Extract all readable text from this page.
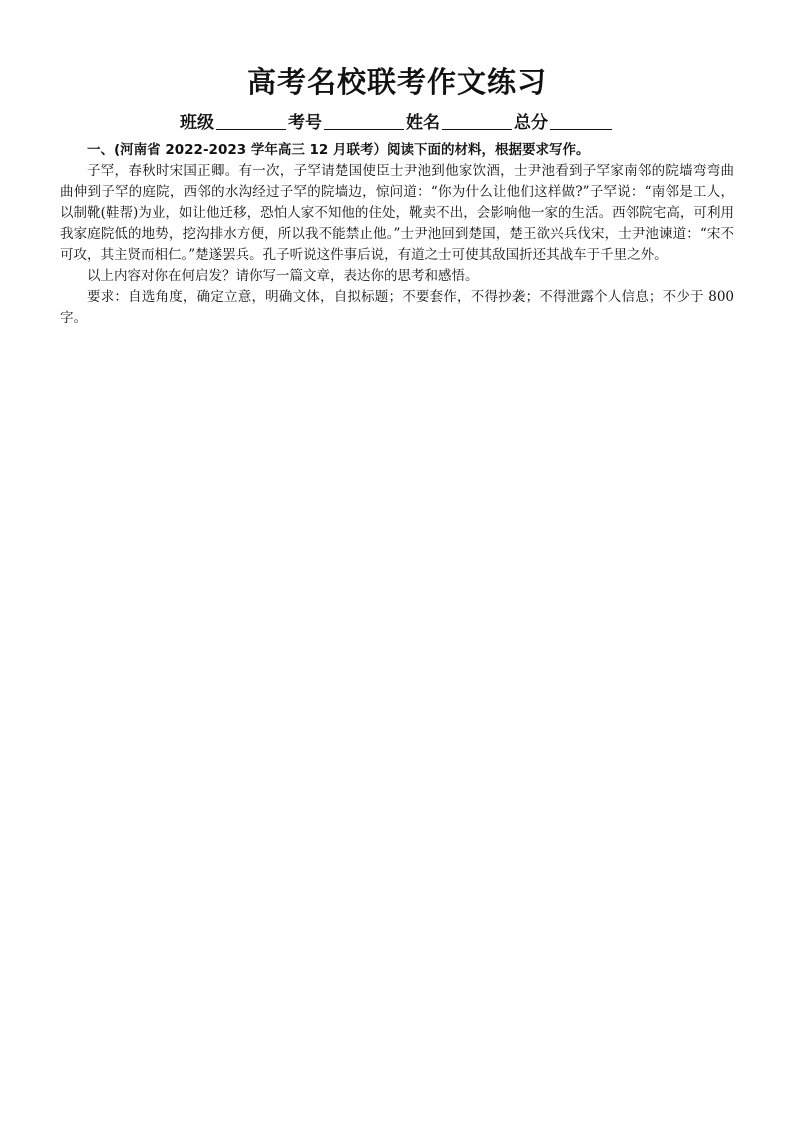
高考名校联考作文练习
班级	考号	姓名	总分

一、(河南省 2022-2023 学年高三 12 月联考）阅读下面的材料，根据要求写作。

子罕，春秋时宋国正卿。有一次，子罕请楚国使臣士尹池到他家饮酒，士尹池看到子罕家南邻的院墙弯弯曲曲伸到子罕的庭院，西邻的水沟经过子罕的院墙边，惊问道：“你为什么让他们这样做?”子罕说：“南邻是工人，以制靴(鞋帮)为业，如让他迁移，恐怕人家不知他的住处，靴卖不出，会影响他一家的生活。西邻院宅高，可利用我家庭院低的地势，挖沟排水方便，所以我不能禁止他。”士尹池回到楚国，楚王欲兴兵伐宋，士尹池谏道：“宋不可攻，其主贤而相仁。”楚遂罢兵。孔子听说这件事后说，有道之士可使其敌国折还其战车于千里之外。

以上内容对你在何启发？请你写一篇文章，表达你的思考和感悟。

要求：自选角度，确定立意，明确文体，自拟标题；不要套作，不得抄袭；不得泄露个人信息；不少于 800 字。
